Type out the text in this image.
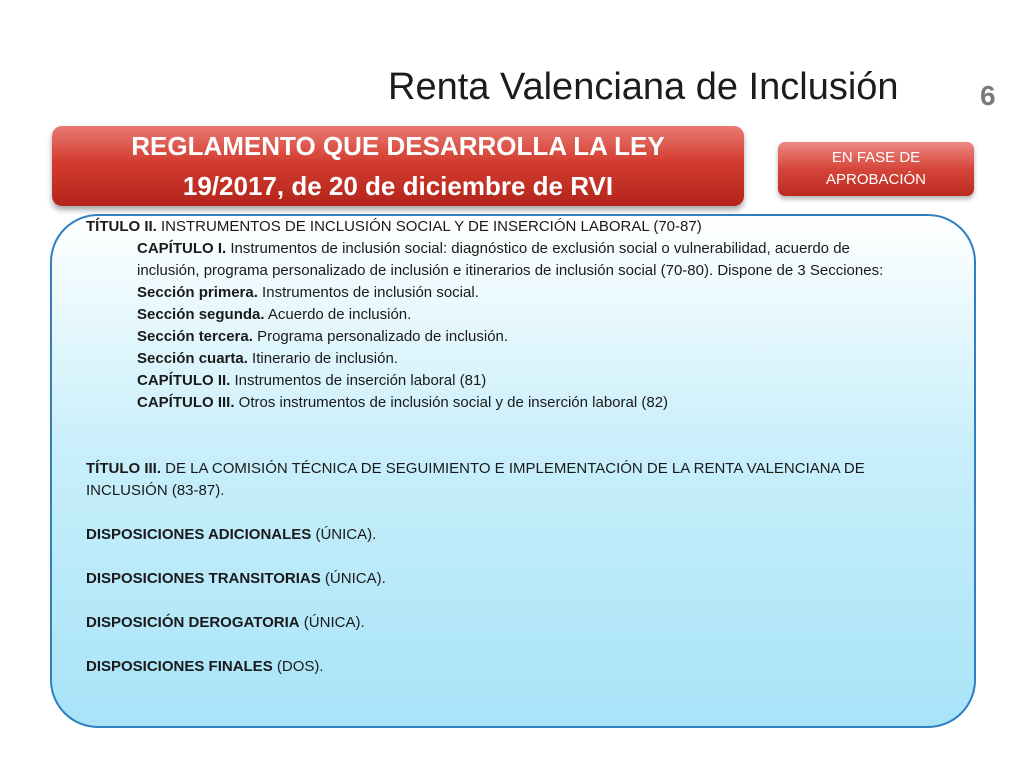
Renta Valenciana de Inclusión	6
REGLAMENTO QUE DESARROLLA LA LEY
19/2017, de 20 de diciembre de RVI
EN FASE DE
APROBACIÓN
TÍTULO II. INSTRUMENTOS DE INCLUSIÓN SOCIAL Y DE INSERCIÓN LABORAL (70-87)
CAPÍTULO I. Instrumentos de inclusión social: diagnóstico de exclusión social o vulnerabilidad, acuerdo de inclusión, programa personalizado de inclusión e itinerarios de inclusión social (70-80). Dispone de 3 Secciones:
Sección primera. Instrumentos de inclusión social.
Sección segunda. Acuerdo de inclusión.
Sección tercera. Programa personalizado de inclusión.
Sección cuarta. Itinerario de inclusión.
CAPÍTULO II. Instrumentos de inserción laboral (81)
CAPÍTULO III. Otros instrumentos de inclusión social y de inserción laboral (82)
TÍTULO III. DE LA COMISIÓN TÉCNICA DE SEGUIMIENTO E IMPLEMENTACIÓN DE LA RENTA VALENCIANA DE INCLUSIÓN (83-87).
DISPOSICIONES ADICIONALES (ÚNICA).
DISPOSICIONES TRANSITORIAS (ÚNICA).
DISPOSICIÓN DEROGATORIA (ÚNICA).
DISPOSICIONES FINALES (DOS).
